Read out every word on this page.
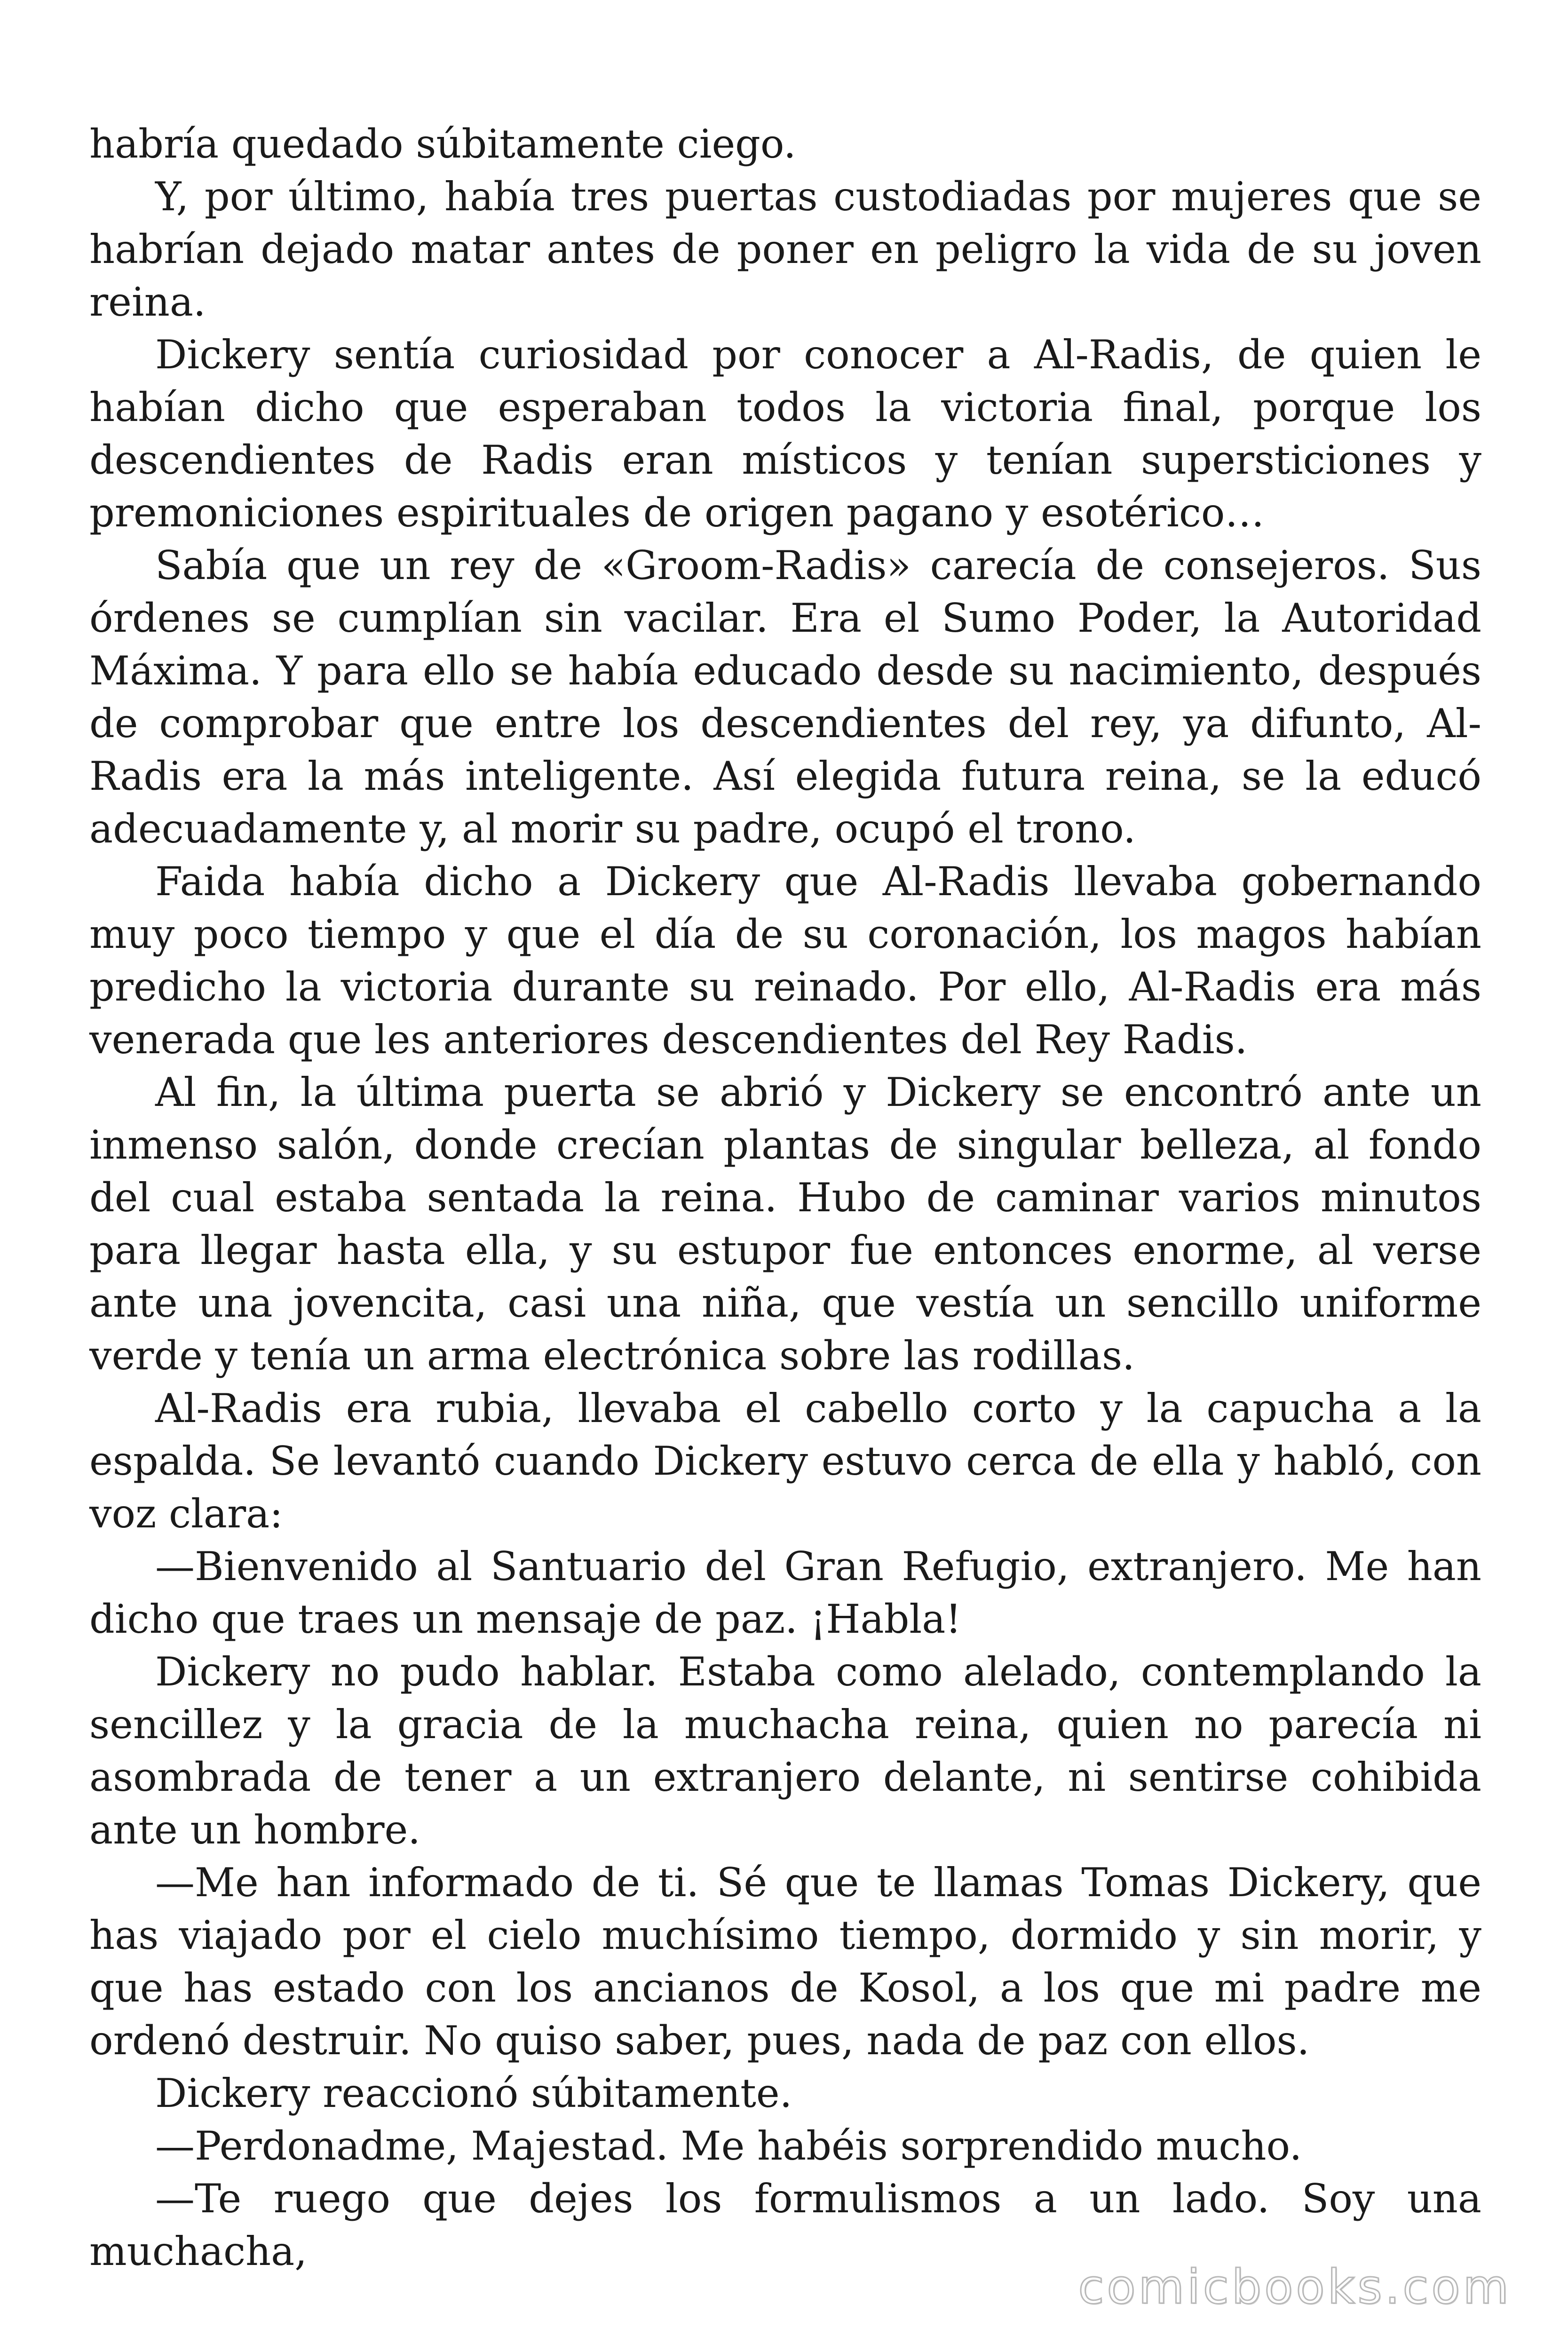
habría quedado súbitamente ciego.

Y, por último, había tres puertas custodiadas por mujeres que se habrían dejado matar antes de poner en peligro la vida de su joven reina.

Dickery sentía curiosidad por conocer a Al-Radis, de quien le habían dicho que esperaban todos la victoria final, porque los descendientes de Radis eran místicos y tenían supersticiones y premoniciones espirituales de origen pagano y esotérico…

Sabía que un rey de «Groom-Radis» carecía de consejeros. Sus órdenes se cumplían sin vacilar. Era el Sumo Poder, la Autoridad Máxima. Y para ello se había educado desde su nacimiento, después de comprobar que entre los descendientes del rey, ya difunto, Al-Radis era la más inteligente. Así elegida futura reina, se la educó adecuadamente y, al morir su padre, ocupó el trono.

Faida había dicho a Dickery que Al-Radis llevaba gobernando muy poco tiempo y que el día de su coronación, los magos habían predicho la victoria durante su reinado. Por ello, Al-Radis era más venerada que les anteriores descendientes del Rey Radis.

Al fin, la última puerta se abrió y Dickery se encontró ante un inmenso salón, donde crecían plantas de singular belleza, al fondo del cual estaba sentada la reina. Hubo de caminar varios minutos para llegar hasta ella, y su estupor fue entonces enorme, al verse ante una jovencita, casi una niña, que vestía un sencillo uniforme verde y tenía un arma electrónica sobre las rodillas.

Al-Radis era rubia, llevaba el cabello corto y la capucha a la espalda. Se levantó cuando Dickery estuvo cerca de ella y habló, con voz clara:

—Bienvenido al Santuario del Gran Refugio, extranjero. Me han dicho que traes un mensaje de paz. ¡Habla!

Dickery no pudo hablar. Estaba como alelado, contemplando la sencillez y la gracia de la muchacha reina, quien no parecía ni asombrada de tener a un extranjero delante, ni sentirse cohibida ante un hombre.

—Me han informado de ti. Sé que te llamas Tomas Dickery, que has viajado por el cielo muchísimo tiempo, dormido y sin morir, y que has estado con los ancianos de Kosol, a los que mi padre me ordenó destruir. No quiso saber, pues, nada de paz con ellos.

Dickery reaccionó súbitamente.

—Perdonadme, Majestad. Me habéis sorprendido mucho.

—Te ruego que dejes los formulismos a un lado. Soy una muchacha,

comicbooks.com
